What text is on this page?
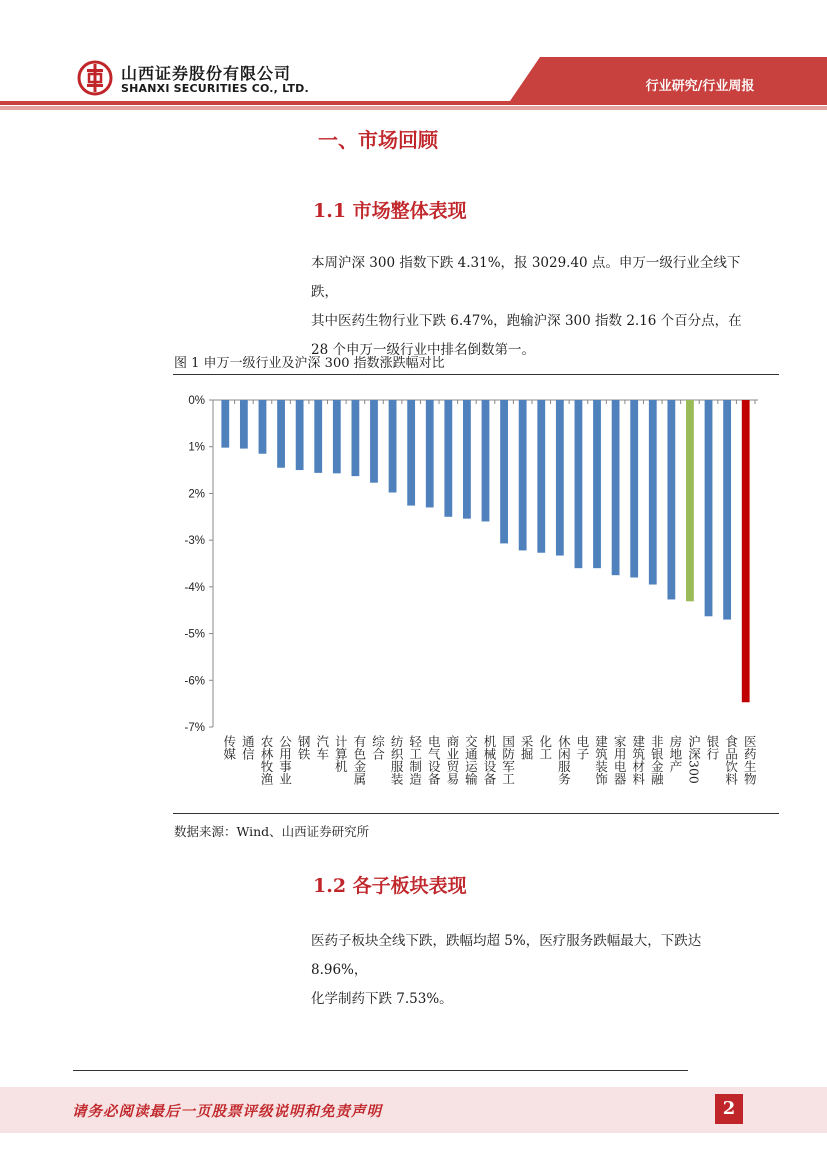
山西证券股份有限公司
SHANXI SECURITIES CO., LTD.	行业研究/行业周报
一、市场回顾
1.1 市场整体表现
本周沪深 300 指数下跌 4.31%，报 3029.40 点。申万一级行业全线下跌，
其中医药生物行业下跌 6.47%，跑输沪深 300 指数 2.16 个百分点，在
28 个申万一级行业中排名倒数第一。
图 1 申万一级行业及沪深 300 指数涨跌幅对比
0%
1%
2%
-3%
-4%
-5%
-6%
-7%
传媒 通信 农林牧渔 公用事业 钢铁 汽车 计算机 有色金属 综合 纺织服装 轻工制造 电气设备 商业贸易 交通运输 机械设备 国防军工 采掘 化工 休闲服务 电子 建筑装饰 家用电器 建筑材料 非银金融 房地产 沪深300 银行 食品饮料 医药生物
数据来源：Wind、山西证券研究所
1.2 各子板块表现
医药子板块全线下跌，跌幅均超 5%，医疗服务跌幅最大，下跌达 8.96%，
化学制药下跌 7.53%。
请务必阅读最后一页股票评级说明和免责声明	2
